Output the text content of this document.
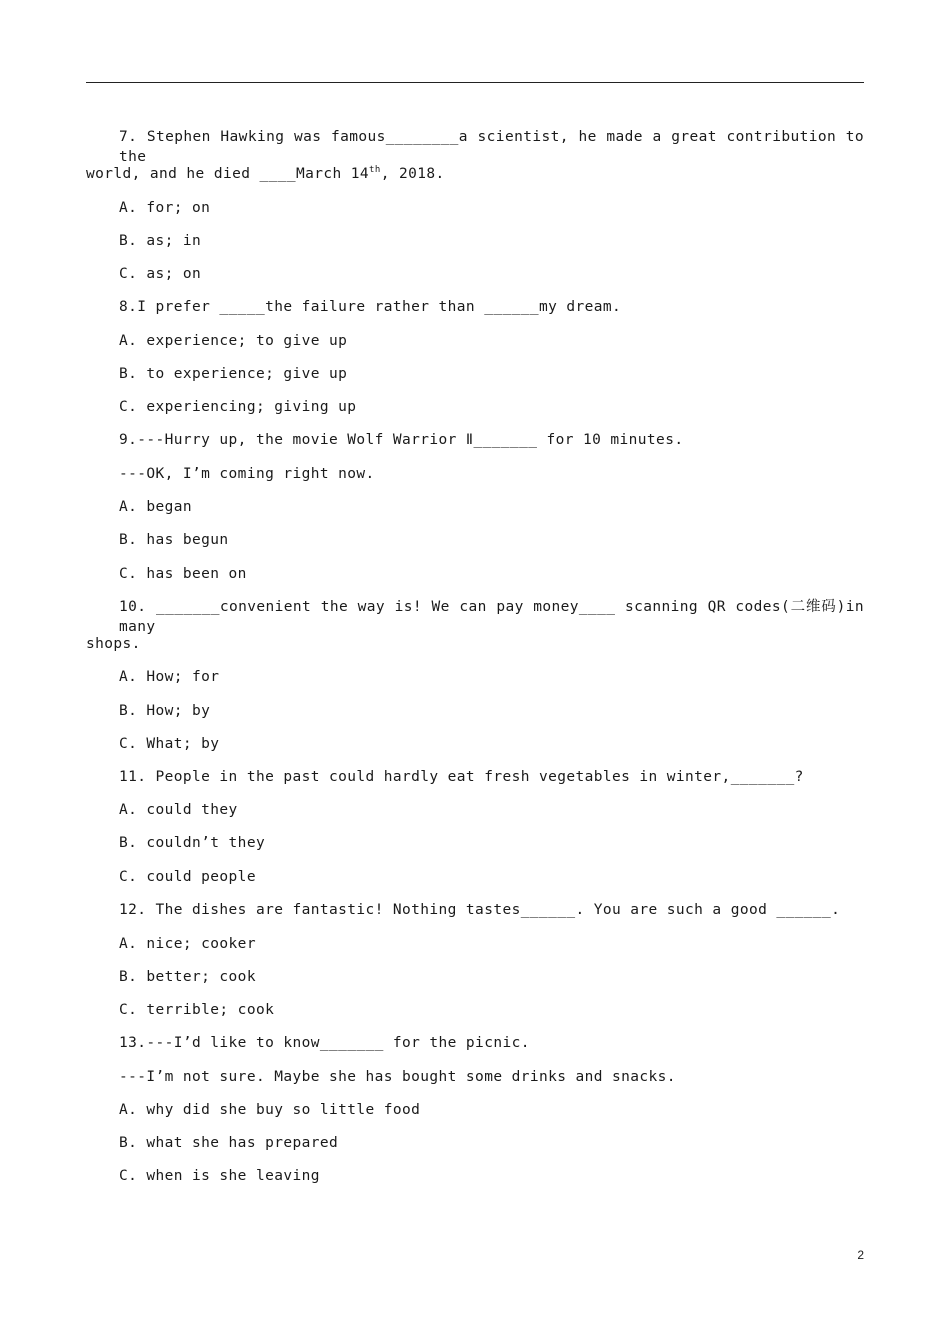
7. Stephen Hawking was famous________a scientist, he made a great contribution to the
world, and he died ____March 14th, 2018.
A. for; on
B. as; in
C. as; on
8.I prefer _____the failure rather than ______my dream.
A. experience; to give up
B. to experience; give up
C. experiencing; giving up
9.---Hurry up, the movie Wolf Warrior Ⅱ_______ for 10 minutes.
---OK, I’m coming right now.
A. began
B. has begun
C. has been on
10. _______convenient the way is! We can pay money____ scanning QR codes(二维码)in many
shops.
A. How; for
B. How; by
C. What; by
11. People in the past could hardly eat fresh vegetables in winter,_______?
A. could they
B. couldn’t they
C. could people
12. The dishes are fantastic! Nothing tastes______. You are such a good ______.
A. nice; cooker
B. better; cook
C. terrible; cook
13.---I’d like to know_______ for the picnic.
---I’m not sure. Maybe she has bought some drinks and snacks.
A. why did she buy so little food
B. what she has prepared
C. when is she leaving
2
